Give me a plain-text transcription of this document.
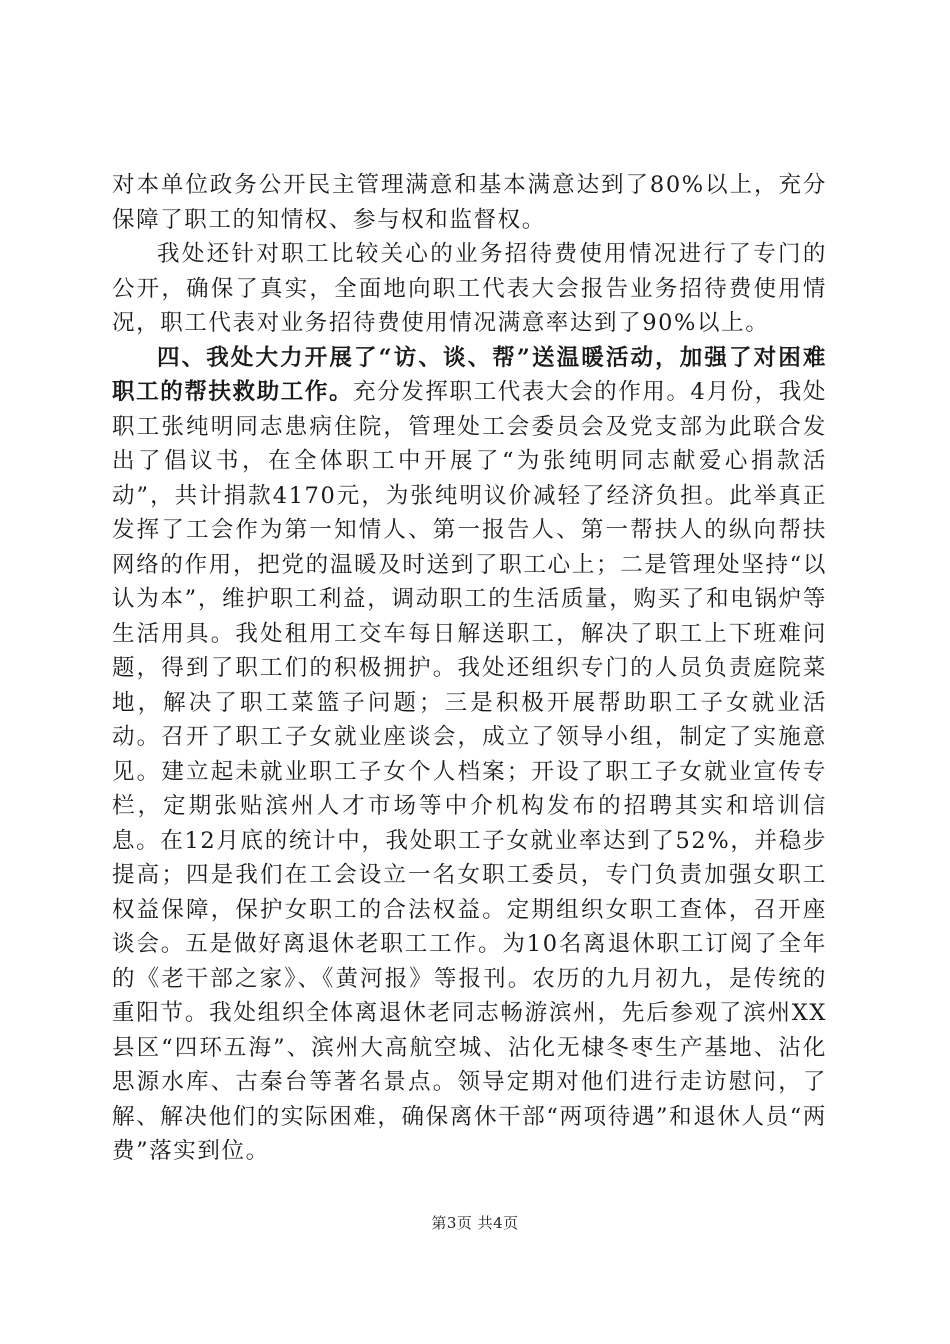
对本单位政务公开民主管理满意和基本满意达到了80%以上，充分保障了职工的知情权、参与权和监督权。

我处还针对职工比较关心的业务招待费使用情况进行了专门的公开，确保了真实，全面地向职工代表大会报告业务招待费使用情况，职工代表对业务招待费使用情况满意率达到了90%以上。

四、我处大力开展了“访、谈、帮”送温暖活动，加强了对困难职工的帮扶救助工作。充分发挥职工代表大会的作用。4月份，我处职工张纯明同志患病住院，管理处工会委员会及党支部为此联合发出了倡议书，在全体职工中开展了“为张纯明同志献爱心捐款活动”，共计捐款4170元，为张纯明议价减轻了经济负担。此举真正发挥了工会作为第一知情人、第一报告人、第一帮扶人的纵向帮扶网络的作用，把党的温暖及时送到了职工心上；二是管理处坚持“以认为本”，维护职工利益，调动职工的生活质量，购买了和电锅炉等生活用具。我处租用工交车每日解送职工，解决了职工上下班难问题，得到了职工们的积极拥护。我处还组织专门的人员负责庭院菜地，解决了职工菜篮子问题；三是积极开展帮助职工子女就业活动。召开了职工子女就业座谈会，成立了领导小组，制定了实施意见。建立起未就业职工子女个人档案；开设了职工子女就业宣传专栏，定期张贴滨州人才市场等中介机构发布的招聘其实和培训信息。在12月底的统计中，我处职工子女就业率达到了52%，并稳步提高；四是我们在工会设立一名女职工委员，专门负责加强女职工权益保障，保护女职工的合法权益。定期组织女职工查体，召开座谈会。五是做好离退休老职工工作。为10名离退休职工订阅了全年的《老干部之家》、《黄河报》等报刊。农历的九月初九，是传统的重阳节。我处组织全体离退休老同志畅游滨州，先后参观了滨州XX县区“四环五海”、滨州大高航空城、沾化无棣冬枣生产基地、沾化思源水库、古秦台等著名景点。领导定期对他们进行走访慰问，了解、解决他们的实际困难，确保离休干部“两项待遇”和退休人员“两费”落实到位。

第3页 共4页
